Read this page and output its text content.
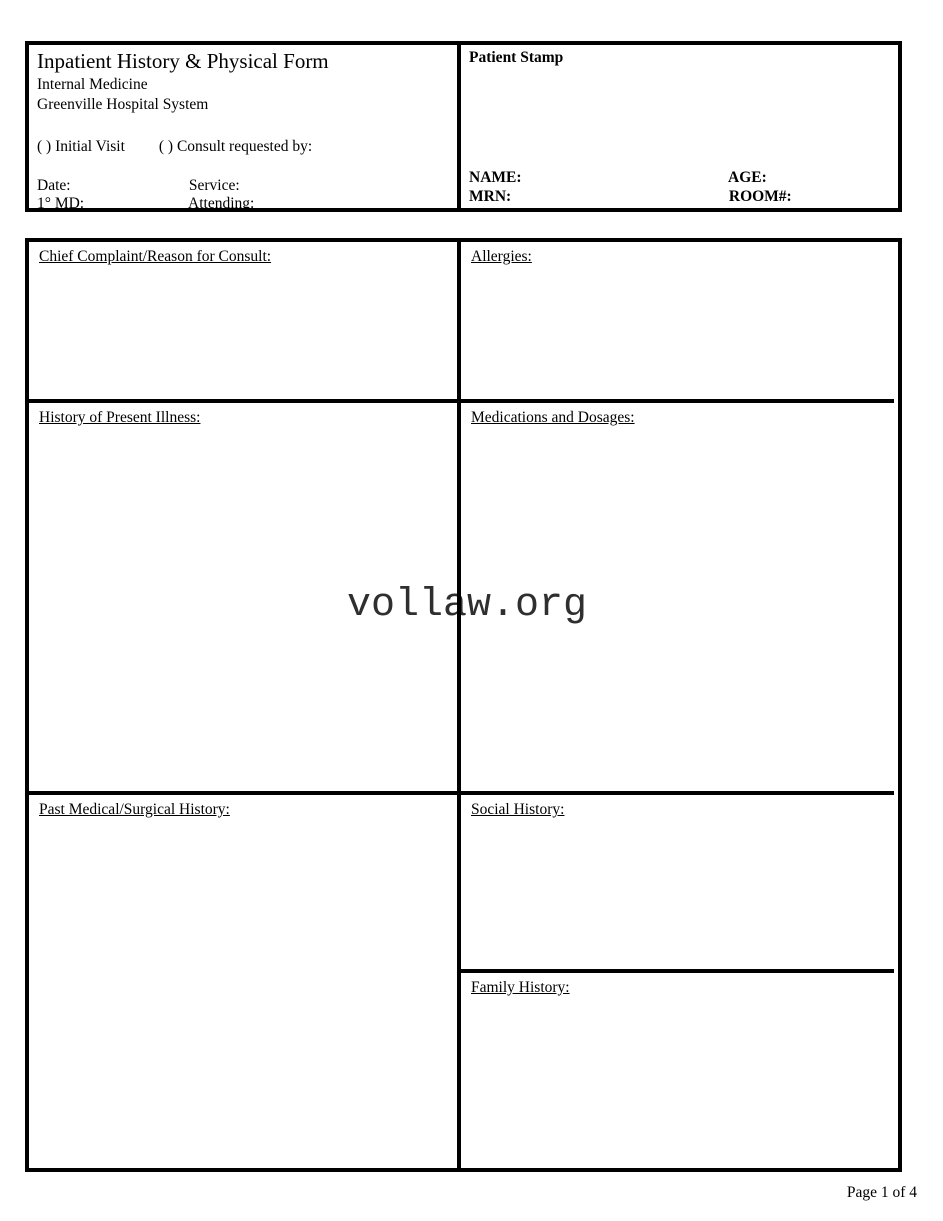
vollaw.org
Inpatient History & Physical Form
Internal Medicine
Greenville Hospital System
( ) Initial Visit ( ) Consult requested by:
Date:	Service:
1° MD:	Attending:
Patient Stamp
NAME:	AGE:
MRN:	ROOM#:
Chief Complaint/Reason for Consult:
History of Present Illness:
Past Medical/Surgical History:
Allergies:
Medications and Dosages:
Social History:
Family History:
Page 1 of 4
